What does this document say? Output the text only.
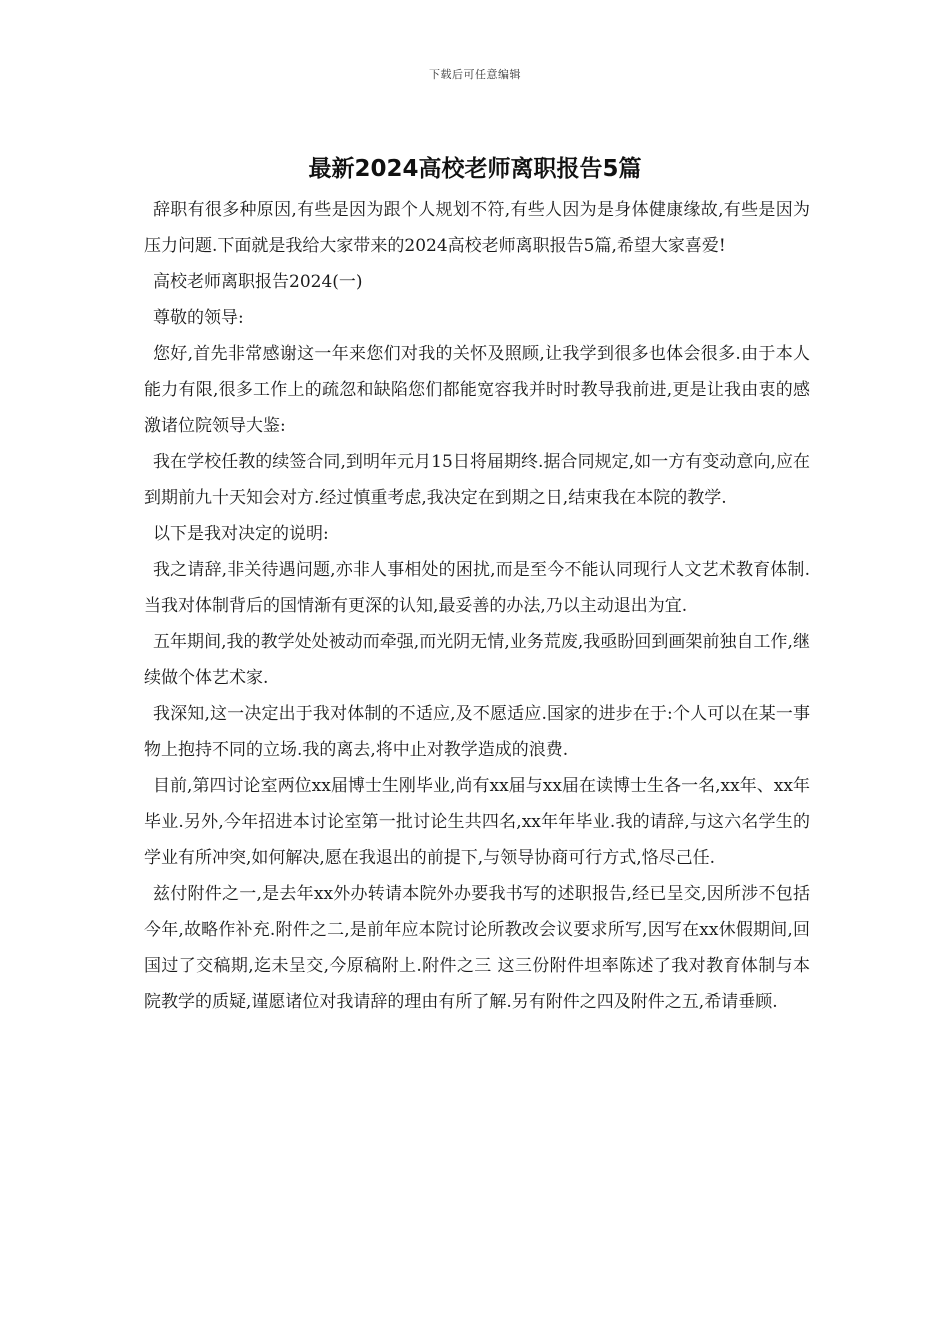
下载后可任意编辑
最新2024高校老师离职报告5篇

辞职有很多种原因,有些是因为跟个人规划不符,有些人因为是身体健康缘故,有些是因为压力问题.下面就是我给大家带来的2024高校老师离职报告5篇,希望大家喜爱!

高校老师离职报告2024(一)

尊敬的领导:

您好,首先非常感谢这一年来您们对我的关怀及照顾,让我学到很多也体会很多.由于本人能力有限,很多工作上的疏忽和缺陷您们都能宽容我并时时教导我前进,更是让我由衷的感激诸位院领导大鉴:

我在学校任教的续签合同,到明年元月15日将届期终.据合同规定,如一方有变动意向,应在到期前九十天知会对方.经过慎重考虑,我决定在到期之日,结束我在本院的教学.

以下是我对决定的说明:

我之请辞,非关待遇问题,亦非人事相处的困扰,而是至今不能认同现行人文艺术教育体制.当我对体制背后的国情渐有更深的认知,最妥善的办法,乃以主动退出为宜.

五年期间,我的教学处处被动而牵强,而光阴无情,业务荒废,我亟盼回到画架前独自工作,继续做个体艺术家.

我深知,这一决定出于我对体制的不适应,及不愿适应.国家的进步在于:个人可以在某一事物上抱持不同的立场.我的离去,将中止对教学造成的浪费.

目前,第四讨论室两位xx届博士生刚毕业,尚有xx届与xx届在读博士生各一名,xx年、xx年毕业.另外,今年招进本讨论室第一批讨论生共四名,xx年年毕业.我的请辞,与这六名学生的学业有所冲突,如何解决,愿在我退出的前提下,与领导协商可行方式,恪尽己任.

兹付附件之一,是去年xx外办转请本院外办要我书写的述职报告,经已呈交,因所涉不包括今年,故略作补充.附件之二,是前年应本院讨论所教改会议要求所写,因写在xx休假期间,回国过了交稿期,迄未呈交,今原稿附上.附件之三 这三份附件坦率陈述了我对教育体制与本院教学的质疑,谨愿诸位对我请辞的理由有所了解.另有附件之四及附件之五,希请垂顾.
